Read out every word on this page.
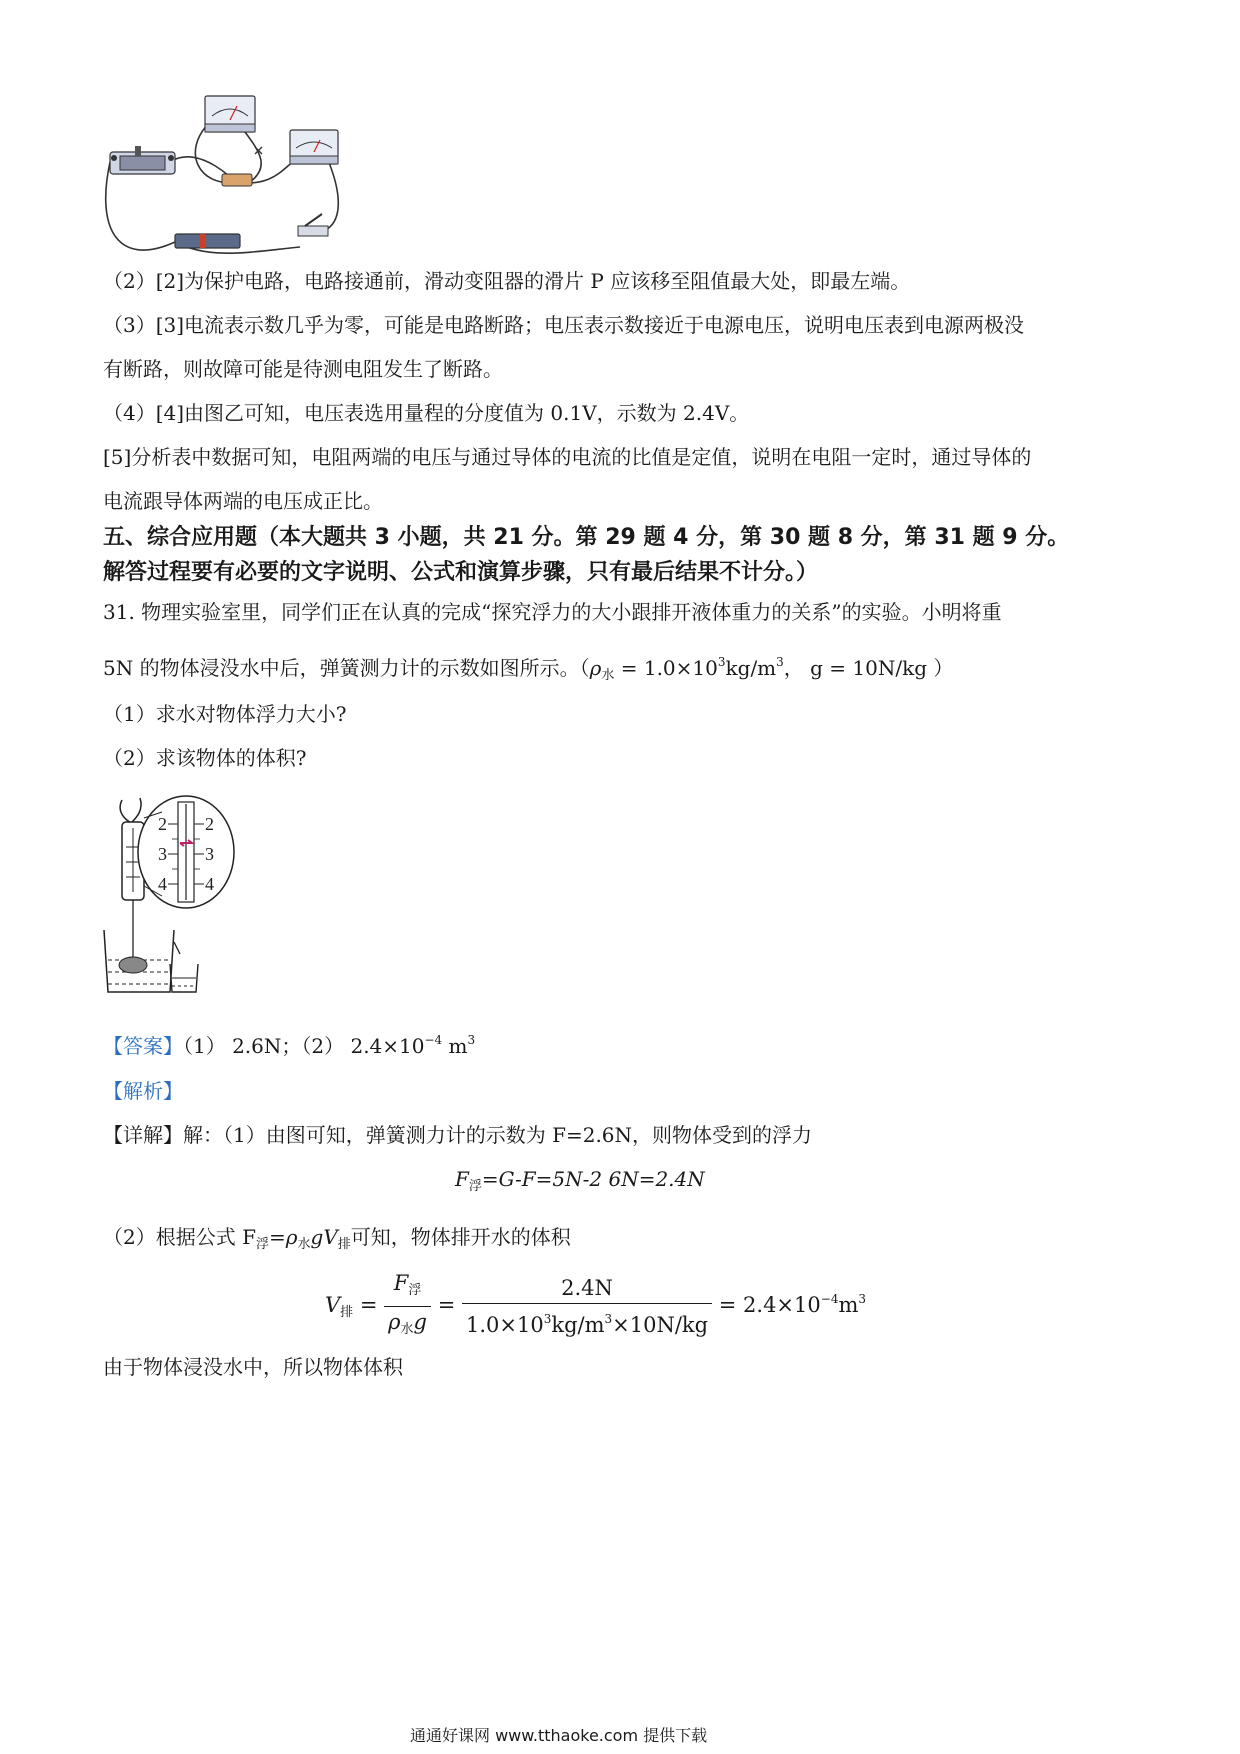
（2）[2]为保护电路，电路接通前，滑动变阻器的滑片 P 应该移至阻值最大处，即最左端。
（3）[3]电流表示数几乎为零，可能是电路断路；电压表示数接近于电源电压，说明电压表到电源两极没
有断路，则故障可能是待测电阻发生了断路。
（4）[4]由图乙可知，电压表选用量程的分度值为 0.1V，示数为 2.4V。
[5]分析表中数据可知，电阻两端的电压与通过导体的电流的比值是定值，说明在电阻一定时，通过导体的
电流跟导体两端的电压成正比。
五、综合应用题（本大题共 3 小题，共 21 分。第 29 题 4 分，第 30 题 8 分，第 31 题 9 分。
解答过程要有必要的文字说明、公式和演算步骤，只有最后结果不计分。）
31. 物理实验室里，同学们正在认真的完成“探究浮力的大小跟排开液体重力的关系”的实验。小明将重
5N 的物体浸没水中后，弹簧测力计的示数如图所示。（$\rho_水 = 1.0\times 10^3kg/m^3$， g = 10N/kg ）
（1）求水对物体浮力大小?
（2）求该物体的体积?
2
3
4
2
3
4
【答案】（1） 2.6N；（2） $2.4\times 10^{-4}$ $m^3$
【解析】
【详解】解：（1）由图可知，弹簧测力计的示数为 F=2.6N，则物体受到的浮力
$F_浮=G-F=5N-2$ 6N=2.4N
（2）根据公式 $F_浮=\rho_水gV_排$可知，物体排开水的体积
$V_排 = \frac{F_浮}{\rho_水g} = \frac{2.4N}{1.0\times 10^3kg/m^3\times 10N/kg} = 2.4\times 10^{-4}m^3$
由于物体浸没水中，所以物体体积
通通好课网 www.tthaoke.com 提供下载
